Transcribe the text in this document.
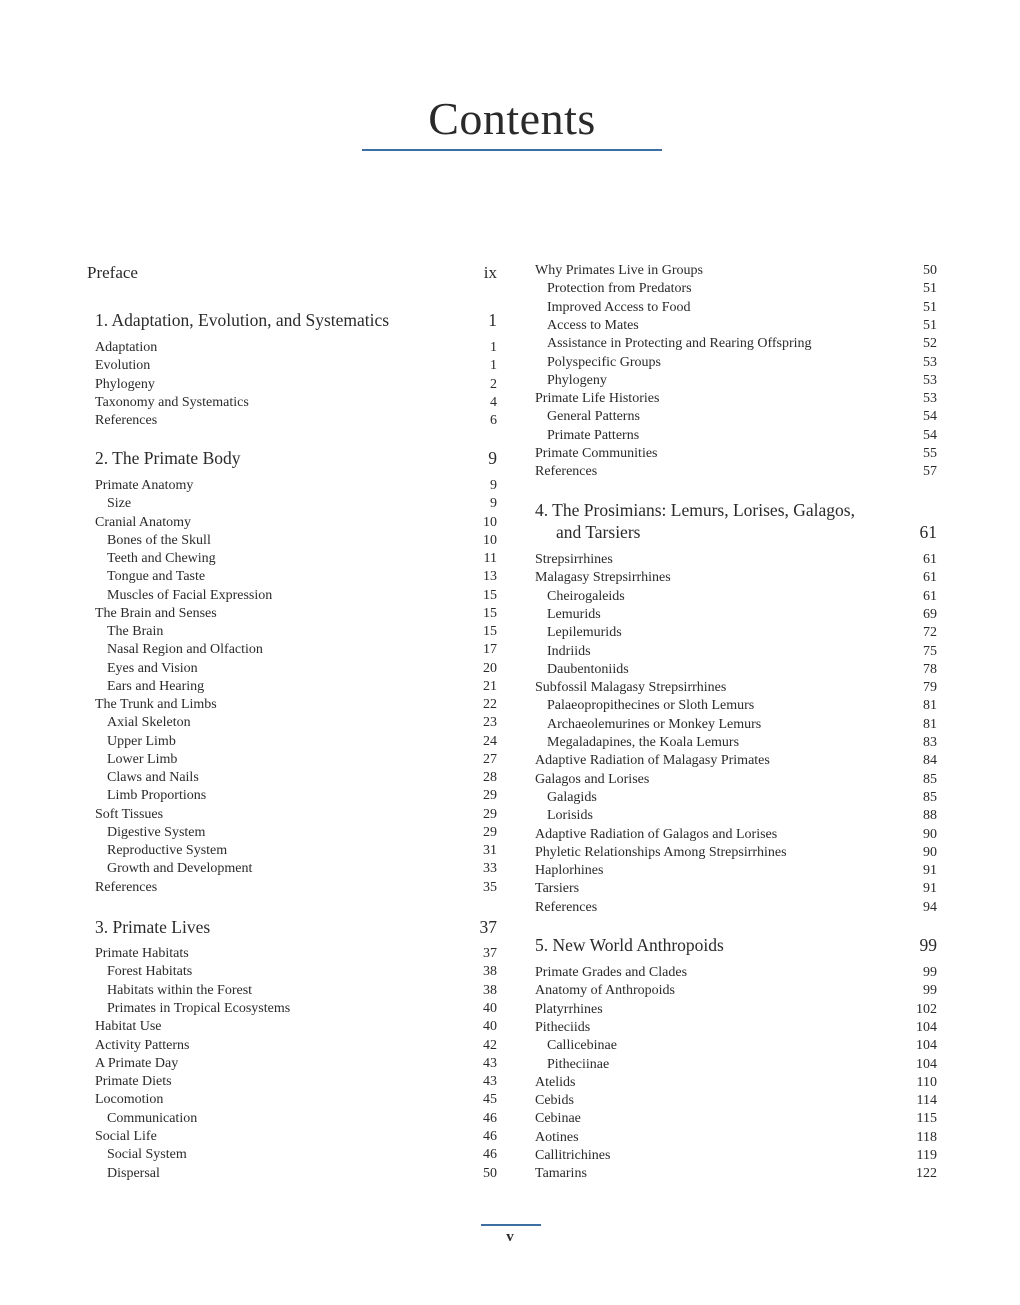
Contents
Preface	ix
1. Adaptation, Evolution, and Systematics	1
Adaptation	1
Evolution	1
Phylogeny	2
Taxonomy and Systematics	4
References	6
2. The Primate Body	9
Primate Anatomy	9
Size	9
Cranial Anatomy	10
Bones of the Skull	10
Teeth and Chewing	11
Tongue and Taste	13
Muscles of Facial Expression	15
The Brain and Senses	15
The Brain	15
Nasal Region and Olfaction	17
Eyes and Vision	20
Ears and Hearing	21
The Trunk and Limbs	22
Axial Skeleton	23
Upper Limb	24
Lower Limb	27
Claws and Nails	28
Limb Proportions	29
Soft Tissues	29
Digestive System	29
Reproductive System	31
Growth and Development	33
References	35
3. Primate Lives	37
Primate Habitats	37
Forest Habitats	38
Habitats within the Forest	38
Primates in Tropical Ecosystems	40
Habitat Use	40
Activity Patterns	42
A Primate Day	43
Primate Diets	43
Locomotion	45
Communication	46
Social Life	46
Social System	46
Dispersal	50
Why Primates Live in Groups	50
Protection from Predators	51
Improved Access to Food	51
Access to Mates	51
Assistance in Protecting and Rearing Offspring	52
Polyspecific Groups	53
Phylogeny	53
Primate Life Histories	53
General Patterns	54
Primate Patterns	54
Primate Communities	55
References	57
4. The Prosimians: Lemurs, Lorises, Galagos,
and Tarsiers	61
Strepsirrhines	61
Malagasy Strepsirrhines	61
Cheirogaleids	61
Lemurids	69
Lepilemurids	72
Indriids	75
Daubentoniids	78
Subfossil Malagasy Strepsirrhines	79
Palaeopropithecines or Sloth Lemurs	81
Archaeolemurines or Monkey Lemurs	81
Megaladapines, the Koala Lemurs	83
Adaptive Radiation of Malagasy Primates	84
Galagos and Lorises	85
Galagids	85
Lorisids	88
Adaptive Radiation of Galagos and Lorises	90
Phyletic Relationships Among Strepsirrhines	90
Haplorhines	91
Tarsiers	91
References	94
5. New World Anthropoids	99
Primate Grades and Clades	99
Anatomy of Anthropoids	99
Platyrrhines	102
Pitheciids	104
Callicebinae	104
Pitheciinae	104
Atelids	110
Cebids	114
Cebinae	115
Aotines	118
Callitrichines	119
Tamarins	122
v
